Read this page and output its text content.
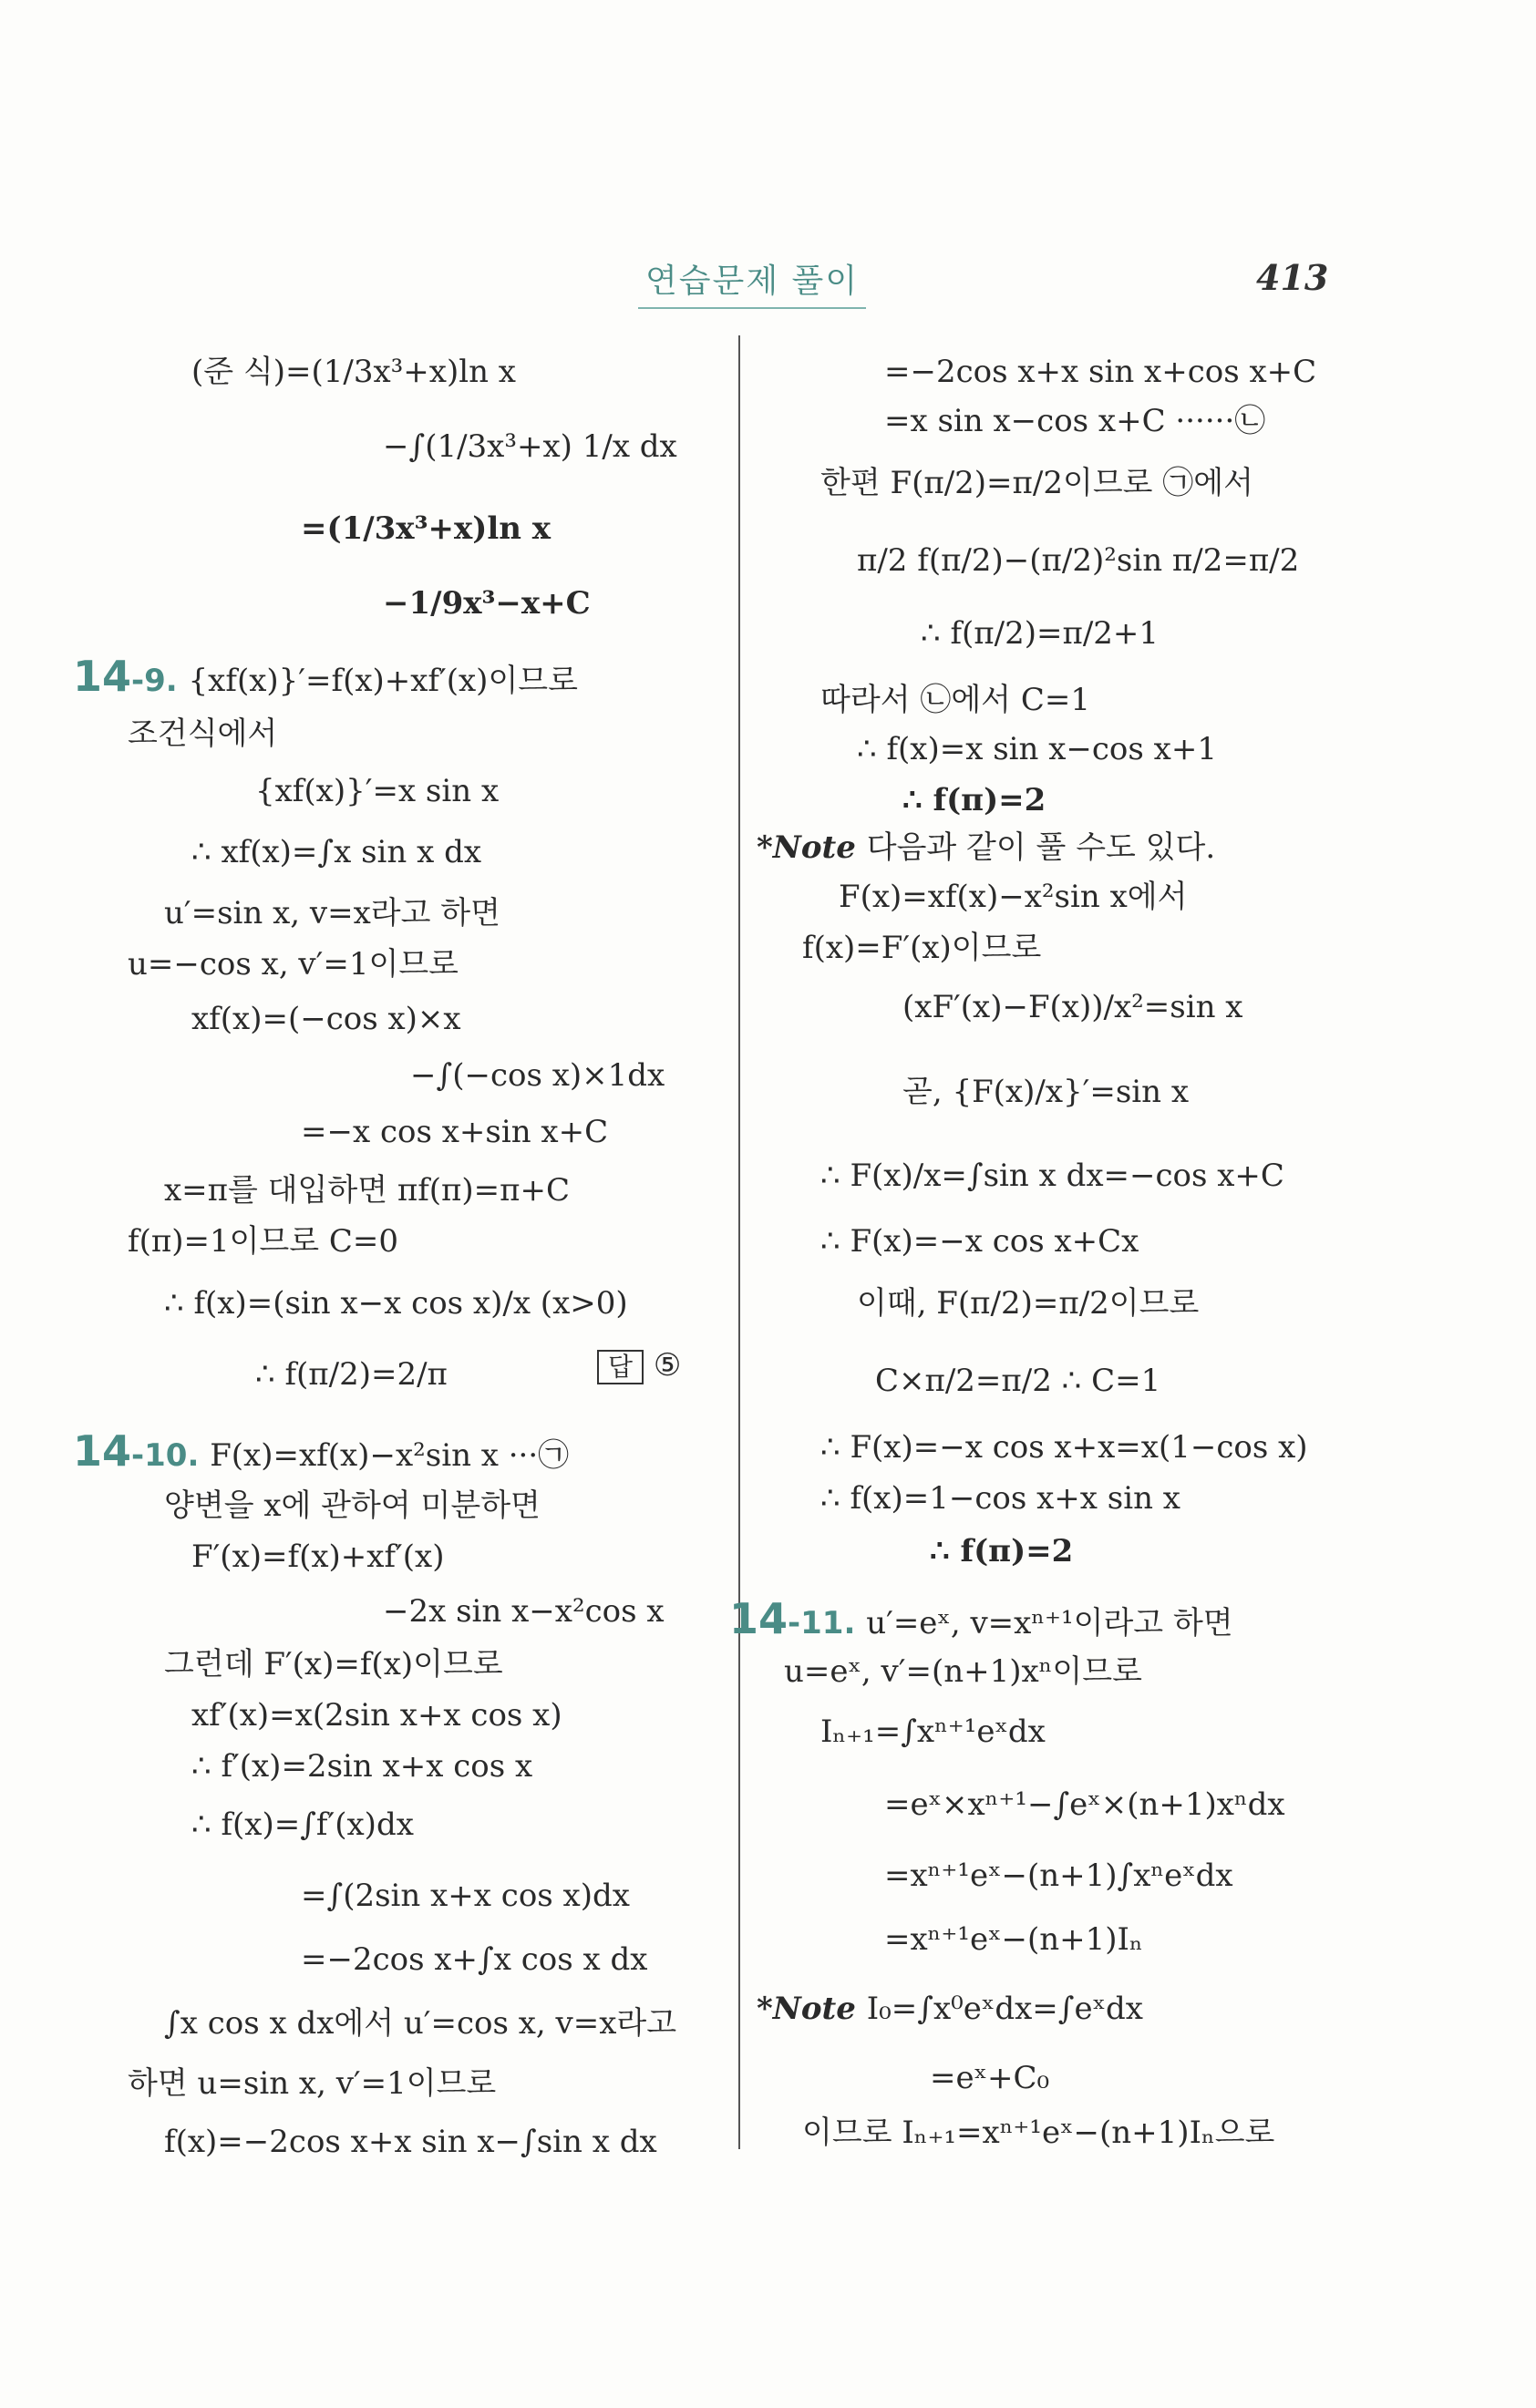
연습문제 풀이	413
(준 식)=(1/3x³+x)ln x
−∫(1/3x³+x) 1/x dx
=(1/3x³+x)ln x
−1/9x³−x+C
14-9. {xf(x)}′=f(x)+xf′(x)이므로
조건식에서
{xf(x)}′=x sin x
∴ xf(x)=∫x sin x dx
u′=sin x, v=x라고 하면
u=−cos x, v′=1이므로
xf(x)=(−cos x)×x
−∫(−cos x)×1dx
=−x cos x+sin x+C
x=π를 대입하면 πf(π)=π+C
f(π)=1이므로 C=0
∴ f(x)=(sin x−x cos x)/x (x>0)
∴ f(π/2)=2/π
14-10. F(x)=xf(x)−x²sin x ···㉠
양변을 x에 관하여 미분하면
F′(x)=f(x)+xf′(x)
−2x sin x−x²cos x
그런데 F′(x)=f(x)이므로
xf′(x)=x(2sin x+x cos x)
∴ f′(x)=2sin x+x cos x
∴ f(x)=∫f′(x)dx
=∫(2sin x+x cos x)dx
=−2cos x+∫x cos x dx
∫x cos x dx에서 u′=cos x, v=x라고
하면 u=sin x, v′=1이므로
f(x)=−2cos x+x sin x−∫sin x dx
=−2cos x+x sin x+cos x+C
=x sin x−cos x+C ······㉡
한편 F(π/2)=π/2이므로 ㉠에서
π/2 f(π/2)−(π/2)²sin π/2=π/2
∴ f(π/2)=π/2+1
따라서 ㉡에서 C=1
∴ f(x)=x sin x−cos x+1
∴ f(π)=2
*Note 다음과 같이 풀 수도 있다.
F(x)=xf(x)−x²sin x에서
f(x)=F′(x)이므로
(xF′(x)−F(x))/x²=sin x
곧, {F(x)/x}′=sin x
∴ F(x)/x=∫sin x dx=−cos x+C
∴ F(x)=−x cos x+Cx
이때, F(π/2)=π/2이므로
C×π/2=π/2 ∴ C=1
∴ F(x)=−x cos x+x=x(1−cos x)
∴ f(x)=1−cos x+x sin x
∴ f(π)=2
14-11. u′=eˣ, v=xⁿ⁺¹이라고 하면
u=eˣ, v′=(n+1)xⁿ이므로
Iₙ₊₁=∫xⁿ⁺¹eˣdx
=eˣ×xⁿ⁺¹−∫eˣ×(n+1)xⁿdx
=xⁿ⁺¹eˣ−(n+1)∫xⁿeˣdx
=xⁿ⁺¹eˣ−(n+1)Iₙ
*Note I₀=∫x⁰eˣdx=∫eˣdx
=eˣ+C₀
이므로 Iₙ₊₁=xⁿ⁺¹eˣ−(n+1)Iₙ으로
답 ⑤
